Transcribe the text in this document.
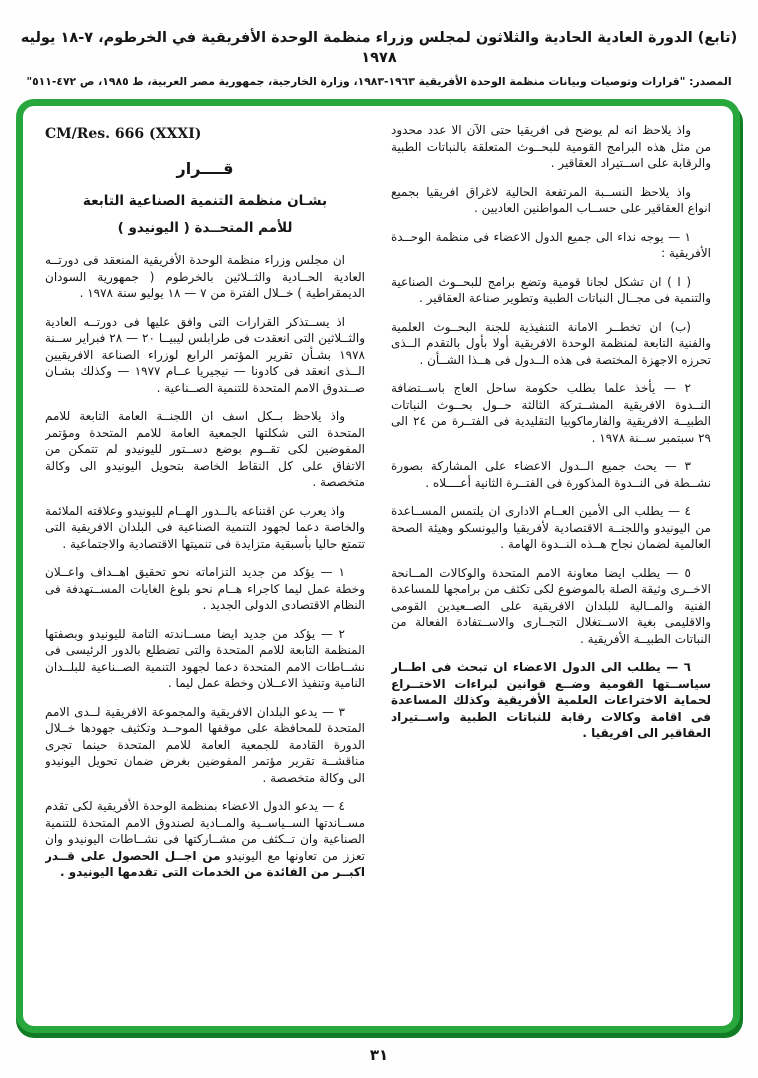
(تابع) الدورة العادية الحادية والثلاثون لمجلس وزراء منظمة الوحدة الأفريقية في الخرطوم، ٧-١٨ يوليه ١٩٧٨
المصدر: "قرارات وتوصيات وبيانات منظمة الوحدة الأفريقية ١٩٦٣-١٩٨٣، وزارة الخارجية، جمهورية مصر العربية، ط ١٩٨٥، ص ٤٧٢-٥١١"

واذ يلاحظ انه لم يوضح فى افريقيا حتى الآن الا عدد محدود من مثل هذه البرامج القومية للبحــوث المتعلقة بالنباتات الطبية والرقابة على اســتيراد العقاقير .

واذ يلاحظ النســبة المرتفعة الحالية لاغراق افريقيا بجميع انواع العقاقير على حســاب المواطنين العاديين .

١ — يوجه نداء الى جميع الدول الاعضاء فى منظمة الوحــدة الأفريقية :

( ا ) ان تشكل لجانا قومية وتضع برامج للبحــوث الصناعية والتنمية فى مجــال النباتات الطبية وتطوير صناعة العقاقير .

(ب) ان تخطــر الامانة التنفيذية للجنة البحــوث العلمية والفنية التابعة لمنظمة الوحدة الافريقية أولا بأول بالتقدم الــذى تحرزه الاجهزة المختصة فى هذه الــدول فى هــذا الشــأن .

٢ — يأخذ علما بطلب حكومة ساحل العاج باســتضافة النــدوة الافريقية المشــتركة الثالثة حــول بحــوث النباتات الطبيــة الافريقية والفارماكوبيا التقليدية فى الفتــرة من ٢٤ الى ٢٩ سبتمبر ســنة ١٩٧٨ .

٣ — يحث جميع الــدول الاعضاء على المشاركة بصورة نشــطة فى النــدوة المذكورة فى الفتــرة الثانية أعــــلاه .

٤ — يطلب الى الأمين العــام الادارى ان يلتمس المســاعدة من اليونيدو واللجنــة الاقتصادية لأفريقيا واليونسكو وهيئة الصحة العالمية لضمان نجاح هــذه النــدوة الهامة .

٥ — يطلب ايضا معاونة الامم المتحدة والوكالات المــانحة الاخــرى وثيقة الصلة بالموضوع لكى تكثف من برامجها للمساعدة الفنية والمــالية للبلدان الافريقية على الصــعيدين القومى والاقليمى بغية الاســتغلال التجــارى والاســتفادة الفعالة من النباتات الطبيــة الأفريقية .

٦ — يطلب الى الدول الاعضاء ان تبحث فى اطــار سياســتها القومية وضــع قوانين لبراءات الاختــراع لحماية الاختراعات العلمية الأفريقية وكذلك المساعدة فى اقامة وكالات رقابة للنباتات الطبية واســتيراد العقاقير الى افريقيا .

CM/Res. 666 (XXXI)
قــــرار
بشـان منظمة التنمية الصناعية التابعة
للأمم المتحــدة ( اليونيدو )

ان مجلس وزراء منظمة الوحدة الأفريقية المنعقد فى دورتــه العادية الحــادية والثــلاثين بالخرطوم ( جمهورية السودان الديمقراطية ) خــلال الفترة من ٧ — ١٨ يوليو سنة ١٩٧٨ .

اذ يســتذكر القرارات التى وافق عليها فى دورتــه العادية والثــلاثين التى انعقدت فى طرابلس ليبيــا ٢٠ — ٢٨ فبراير ســنة ١٩٧٨ بشـأن تقرير المؤتمر الرابع لوزراء الصناعة الافريقيين الــذى انعقد فى كادونا — نيجيريا عــام ١٩٧٧ — وكذلك بشـان صــندوق الامم المتحدة للتنمية الصــناعية .

واذ يلاحظ بــكل اسف ان اللجنــة العامة التابعة للامم المتحدة التى شكلتها الجمعية العامة للامم المتحدة ومؤتمر المفوضين لكى تقــوم بوضع دســتور لليونيدو لم تتمكن من الاتفاق على كل النقاط الخاصة بتحويل اليونيدو الى وكالة متخصصة .

واذ يعرب عن اقتناعه بالــدور الهــام لليونيدو وعلاقته الملائمة والخاصة دعما لجهود التنمية الصناعية فى البلدان الافريقية التى تتمتع حاليا بأسبقية متزايدة فى تنميتها الاقتصادية والاجتماعية .

١ — يؤكد من جديد التزاماته نحو تحقيق اهــداف واعــلان وخطة عمل ليما كاجراء هــام نحو بلوغ الغايات المســتهدفة فى النظام الاقتصادى الدولى الجديد .

٢ — يؤكد من جديد ايضا مســاندته التامة لليونيدو وبصفتها المنظمة التابعة للامم المتحدة والتى تضطلع بالدور الرئيسى فى نشــاطات الامم المتحدة دعما لجهود التنمية الصــناعية للبلــدان النامية وتنفيذ الاعــلان وخطة عمل ليما .

٣ — يدعو البلدان الافريقية والمجموعة الافريقية لــدى الامم المتحدة للمحافظة على موقفها الموحــد وتكثيف جهودها خــلال الدورة القادمة للجمعية العامة للامم المتحدة حينما تجرى مناقشــة تقرير مؤتمر المفوضين بغرض ضمان تحويل اليونيدو الى وكالة متخصصة .

٤ — يدعو الدول الاعضاء بمنظمة الوحدة الأفريقية لكى تقدم مســاندتها الســياســية والمــادية لصندوق الامم المتحدة للتنمية الصناعية وان تــكثف من مشــاركتها فى نشــاطات اليونيدو وان تعزز من تعاونها مع اليونيدو من اجــل الحصول على قــدر اكبــر من الفائدة من الخدمات التى تقدمها اليونيدو .

٣١
